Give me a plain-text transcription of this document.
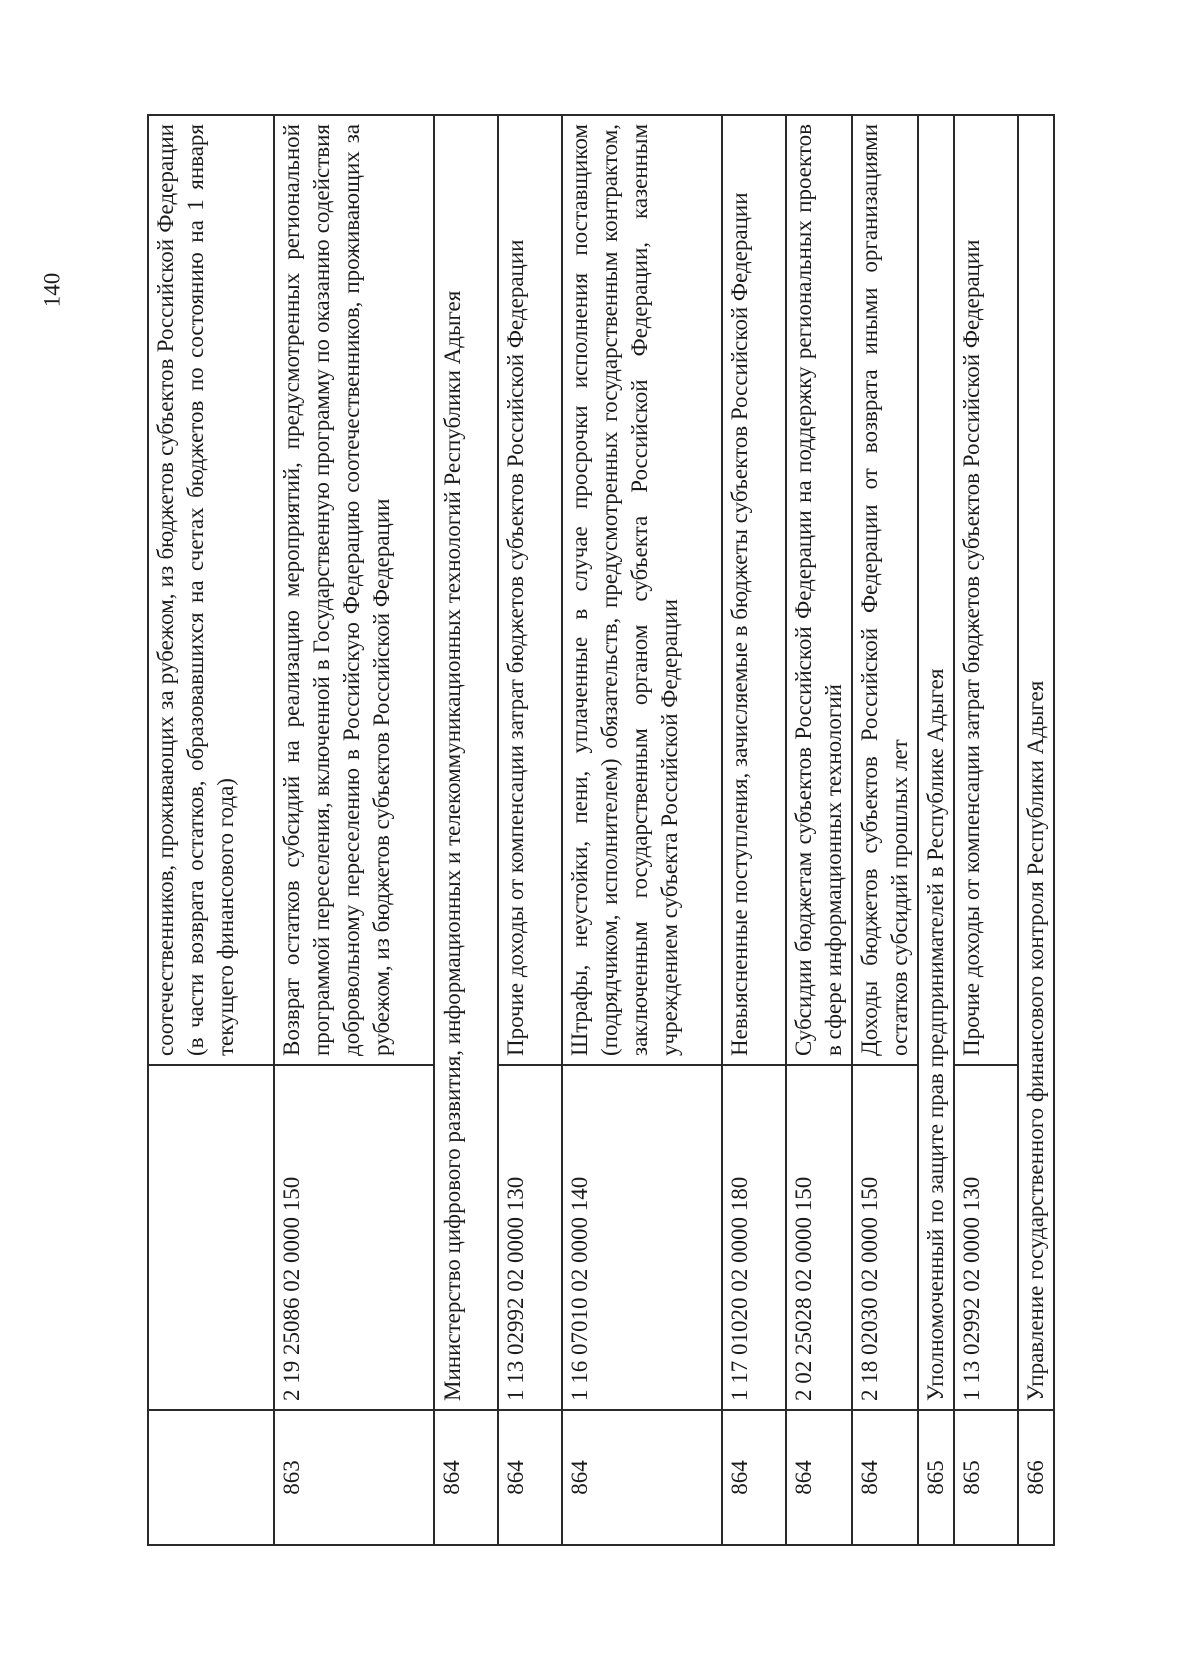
140
			соотечественников, проживающих за рубежом, из бюджетов субъектов Российской Федерации (в части возврата остатков, образовавшихся на счетах бюджетов по состоянию на 1 января текущего финансового года)
863	2 19 25086 02 0000 150	Возврат остатков субсидий на реализацию мероприятий, предусмотренных региональной программой переселения, включенной в Государственную программу по оказанию содействия добровольному переселению в Российскую Федерацию соотечественников, проживающих за рубежом, из бюджетов субъектов Российской Федерации
864	Министерство цифрового развития, информационных и телекоммуникационных технологий Республики Адыгея	
864	1 13 02992 02 0000 130	Прочие доходы от компенсации затрат бюджетов субъектов Российской Федерации
864	1 16 07010 02 0000 140	Штрафы, неустойки, пени, уплаченные в случае просрочки исполнения поставщиком (подрядчиком, исполнителем) обязательств, предусмотренных государственным контрактом, заключенным государственным органом субъекта Российской Федерации, казенным учреждением субъекта Российской Федерации
864	1 17 01020 02 0000 180	Невыясненные поступления, зачисляемые в бюджеты субъектов Российской Федерации
864	2 02 25028 02 0000 150	Субсидии бюджетам субъектов Российской Федерации на поддержку региональных проектов в сфере информационных технологий
864	2 18 02030 02 0000 150	Доходы бюджетов субъектов Российской Федерации от возврата иными организациями остатков субсидий прошлых лет
865	Уполномоченный по защите прав предпринимателей в Республике Адыгея	
865	1 13 02992 02 0000 130	Прочие доходы от компенсации затрат бюджетов субъектов Российской Федерации
866	Управление государственного финансового контроля Республики Адыгея	
